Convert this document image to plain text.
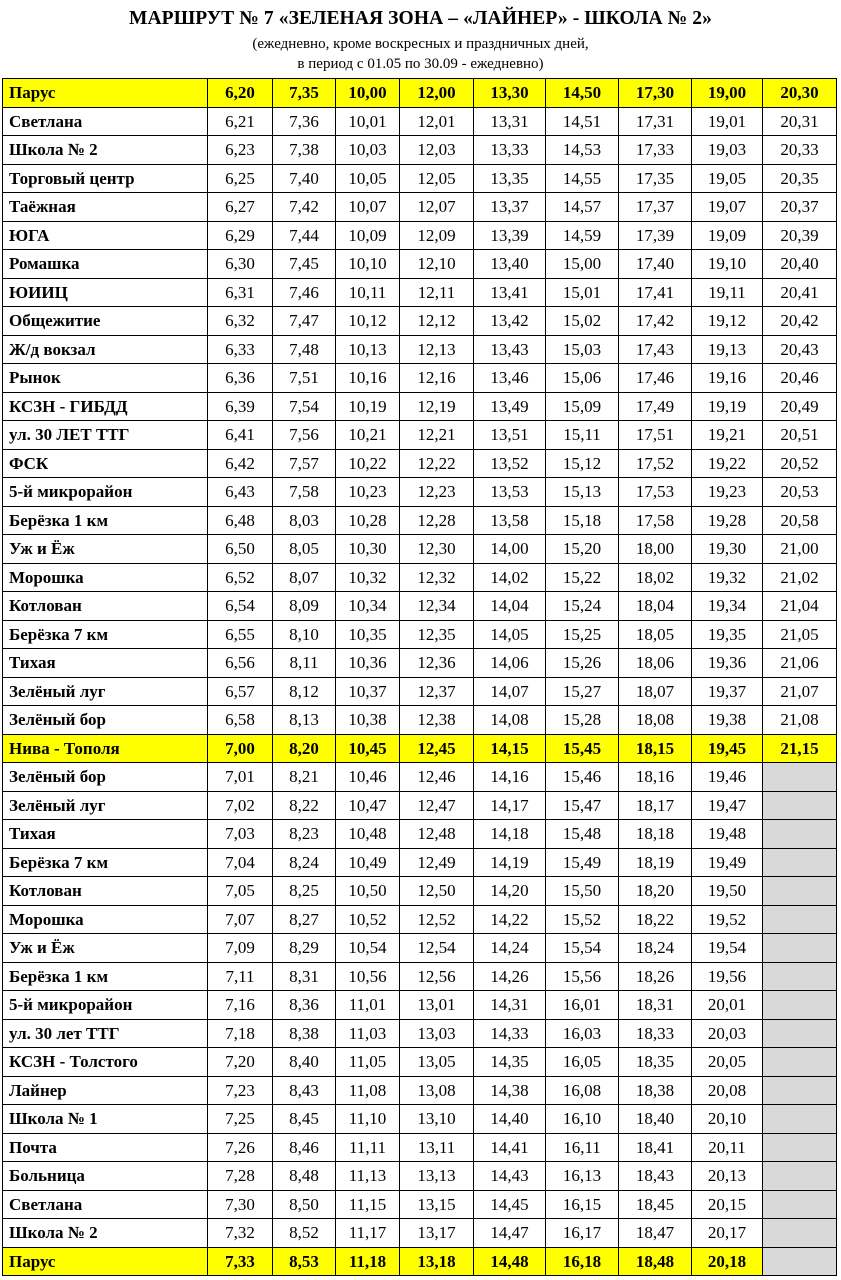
МАРШРУТ № 7 «ЗЕЛЕНАЯ ЗОНА – «ЛАЙНЕР» - ШКОЛА № 2»
(ежедневно, кроме воскресных и праздничных дней,
в период с 01.05 по 30.09 - ежедневно)
Парус	6,20	7,35	10,00	12,00	13,30	14,50	17,30	19,00	20,30
Светлана	6,21	7,36	10,01	12,01	13,31	14,51	17,31	19,01	20,31
Школа № 2	6,23	7,38	10,03	12,03	13,33	14,53	17,33	19,03	20,33
Торговый центр	6,25	7,40	10,05	12,05	13,35	14,55	17,35	19,05	20,35
Таёжная	6,27	7,42	10,07	12,07	13,37	14,57	17,37	19,07	20,37
ЮГА	6,29	7,44	10,09	12,09	13,39	14,59	17,39	19,09	20,39
Ромашка	6,30	7,45	10,10	12,10	13,40	15,00	17,40	19,10	20,40
ЮИИЦ	6,31	7,46	10,11	12,11	13,41	15,01	17,41	19,11	20,41
Общежитие	6,32	7,47	10,12	12,12	13,42	15,02	17,42	19,12	20,42
Ж/д вокзал	6,33	7,48	10,13	12,13	13,43	15,03	17,43	19,13	20,43
Рынок	6,36	7,51	10,16	12,16	13,46	15,06	17,46	19,16	20,46
КСЗН - ГИБДД	6,39	7,54	10,19	12,19	13,49	15,09	17,49	19,19	20,49
ул. 30 ЛЕТ ТТГ	6,41	7,56	10,21	12,21	13,51	15,11	17,51	19,21	20,51
ФСК	6,42	7,57	10,22	12,22	13,52	15,12	17,52	19,22	20,52
5-й микрорайон	6,43	7,58	10,23	12,23	13,53	15,13	17,53	19,23	20,53
Берёзка 1 км	6,48	8,03	10,28	12,28	13,58	15,18	17,58	19,28	20,58
Уж и Ёж	6,50	8,05	10,30	12,30	14,00	15,20	18,00	19,30	21,00
Морошка	6,52	8,07	10,32	12,32	14,02	15,22	18,02	19,32	21,02
Котлован	6,54	8,09	10,34	12,34	14,04	15,24	18,04	19,34	21,04
Берёзка 7 км	6,55	8,10	10,35	12,35	14,05	15,25	18,05	19,35	21,05
Тихая	6,56	8,11	10,36	12,36	14,06	15,26	18,06	19,36	21,06
Зелёный луг	6,57	8,12	10,37	12,37	14,07	15,27	18,07	19,37	21,07
Зелёный бор	6,58	8,13	10,38	12,38	14,08	15,28	18,08	19,38	21,08
Нива - Тополя	7,00	8,20	10,45	12,45	14,15	15,45	18,15	19,45	21,15
Зелёный бор	7,01	8,21	10,46	12,46	14,16	15,46	18,16	19,46	
Зелёный луг	7,02	8,22	10,47	12,47	14,17	15,47	18,17	19,47	
Тихая	7,03	8,23	10,48	12,48	14,18	15,48	18,18	19,48	
Берёзка 7 км	7,04	8,24	10,49	12,49	14,19	15,49	18,19	19,49	
Котлован	7,05	8,25	10,50	12,50	14,20	15,50	18,20	19,50	
Морошка	7,07	8,27	10,52	12,52	14,22	15,52	18,22	19,52	
Уж и Ёж	7,09	8,29	10,54	12,54	14,24	15,54	18,24	19,54	
Берёзка 1 км	7,11	8,31	10,56	12,56	14,26	15,56	18,26	19,56	
5-й микрорайон	7,16	8,36	11,01	13,01	14,31	16,01	18,31	20,01	
ул. 30 лет ТТГ	7,18	8,38	11,03	13,03	14,33	16,03	18,33	20,03	
КСЗН - Толстого	7,20	8,40	11,05	13,05	14,35	16,05	18,35	20,05	
Лайнер	7,23	8,43	11,08	13,08	14,38	16,08	18,38	20,08	
Школа № 1	7,25	8,45	11,10	13,10	14,40	16,10	18,40	20,10	
Почта	7,26	8,46	11,11	13,11	14,41	16,11	18,41	20,11	
Больница	7,28	8,48	11,13	13,13	14,43	16,13	18,43	20,13	
Светлана	7,30	8,50	11,15	13,15	14,45	16,15	18,45	20,15	
Школа № 2	7,32	8,52	11,17	13,17	14,47	16,17	18,47	20,17	
Парус	7,33	8,53	11,18	13,18	14,48	16,18	18,48	20,18	
